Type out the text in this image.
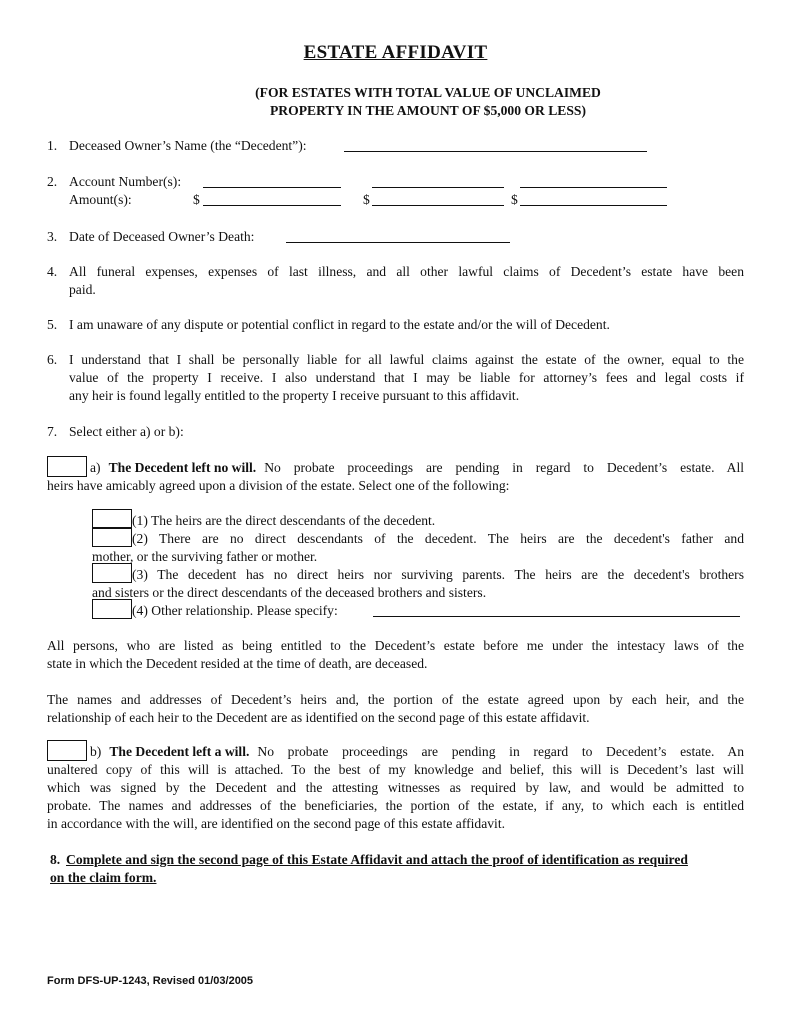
ESTATE AFFIDAVIT
(FOR ESTATES WITH TOTAL VALUE OF UNCLAIMED
PROPERTY IN THE AMOUNT OF $5,000 OR LESS)
1. Deceased Owner’s Name (the “Decedent”):
2. Account Number(s):
Amount(s):	$	$	$
3. Date of Deceased Owner’s Death:
4. All funeral expenses, expenses of last illness, and all other lawful claims of Decedent’s estate have been
paid.
5. I am unaware of any dispute or potential conflict in regard to the estate and/or the will of Decedent.
6. I understand that I shall be personally liable for all lawful claims against the estate of the owner, equal to the
value of the property I receive. I also understand that I may be liable for attorney’s fees and legal costs if
any heir is found legally entitled to the property I receive pursuant to this affidavit.
7. Select either a) or b):
a) The Decedent left no will. No probate proceedings are pending in regard to Decedent’s estate. All
heirs have amicably agreed upon a division of the estate. Select one of the following:
(1) The heirs are the direct descendants of the decedent.
(2) There are no direct descendants of the decedent. The heirs are the decedent's father and
mother, or the surviving father or mother.
(3) The decedent has no direct heirs nor surviving parents. The heirs are the decedent's brothers
and sisters or the direct descendants of the deceased brothers and sisters.
(4) Other relationship. Please specify:
All persons, who are listed as being entitled to the Decedent’s estate before me under the intestacy laws of the
state in which the Decedent resided at the time of death, are deceased.
The names and addresses of Decedent’s heirs and, the portion of the estate agreed upon by each heir, and the
relationship of each heir to the Decedent are as identified on the second page of this estate affidavit.
b) The Decedent left a will. No probate proceedings are pending in regard to Decedent’s estate. An
unaltered copy of this will is attached. To the best of my knowledge and belief, this will is Decedent’s last will
which was signed by the Decedent and the attesting witnesses as required by law, and would be admitted to
probate. The names and addresses of the beneficiaries, the portion of the estate, if any, to which each is entitled
in accordance with the will, are identified on the second page of this estate affidavit.
8. Complete and sign the second page of this Estate Affidavit and attach the proof of identification as required
on the claim form.
Form DFS-UP-1243, Revised 01/03/2005
